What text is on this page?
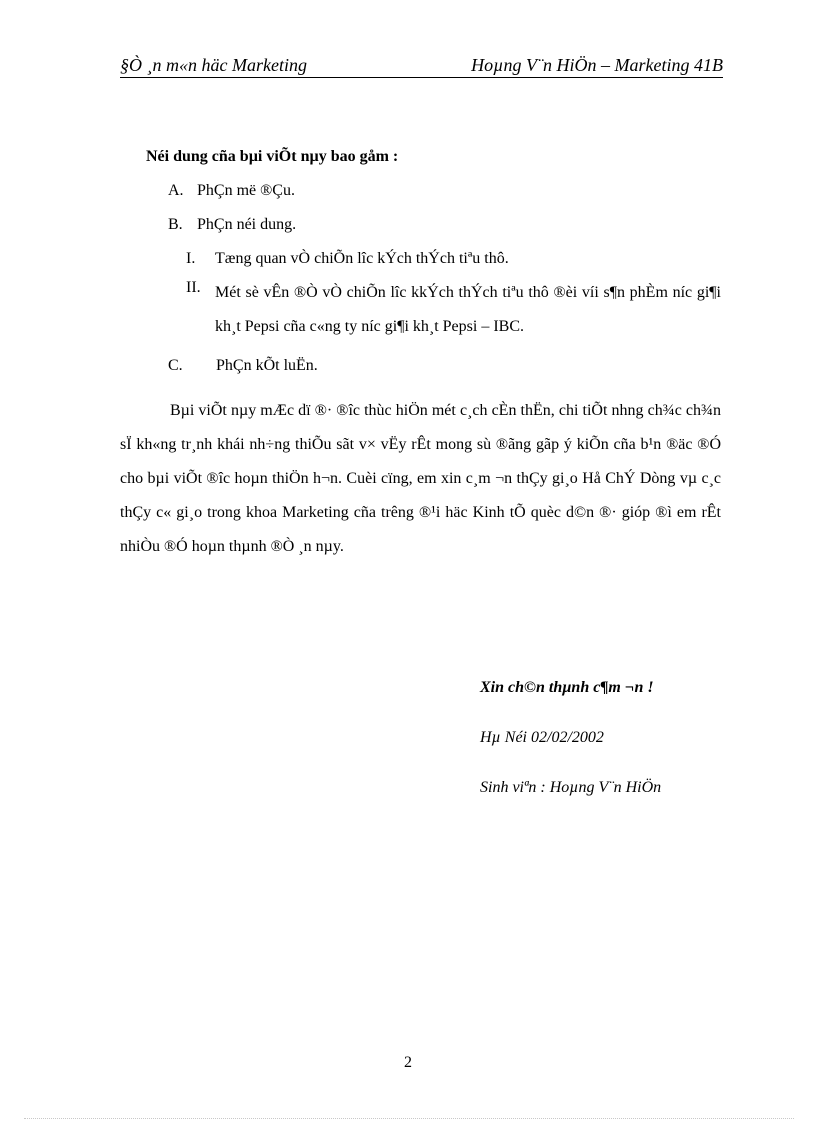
§Ò ¸n m«n häc Marketing	Hoµng V¨n HiÖn – Marketing 41B
Néi dung cña bµi viÕt nµy bao gåm :
A. PhÇn më ®Çu.
B. PhÇn néi dung.
I. Tæng quan vÒ chiÕn lîc kÝch thÝch tiªu thô.
II. Mét sè vÊn ®Ò vÒ chiÕn lîc kkÝch thÝch tiªu thô ®èi víi s¶n phÈm níc gi¶i kh¸t Pepsi cña c«ng ty níc gi¶i kh¸t Pepsi – IBC.
C. PhÇn kÕt luËn.

Bµi viÕt nµy mÆc dï ®· ®îc thùc hiÖn mét c¸ch cÈn thËn, chi tiÕt nhng ch¾c ch¾n sÏ kh«ng tr¸nh khái nh÷ng thiÕu sãt v× vËy rÊt mong sù ®ãng gãp ý kiÕn cña b¹n ®äc ®Ó cho bµi viÕt ®îc hoµn thiÖn h¬n. Cuèi cïng, em xin c¸m ¬n thÇy gi¸o Hå ChÝ Dòng vµ c¸c thÇy c« gi¸o trong khoa Marketing cña trêng ®¹i häc Kinh tÕ quèc d©n ®· gióp ®ì em rÊt nhiÒu ®Ó hoµn thµnh ®Ò ¸n nµy.

Xin ch©n thµnh c¶m ¬n !
Hµ Néi 02/02/2002
Sinh viªn : Hoµng V¨n HiÖn
2
